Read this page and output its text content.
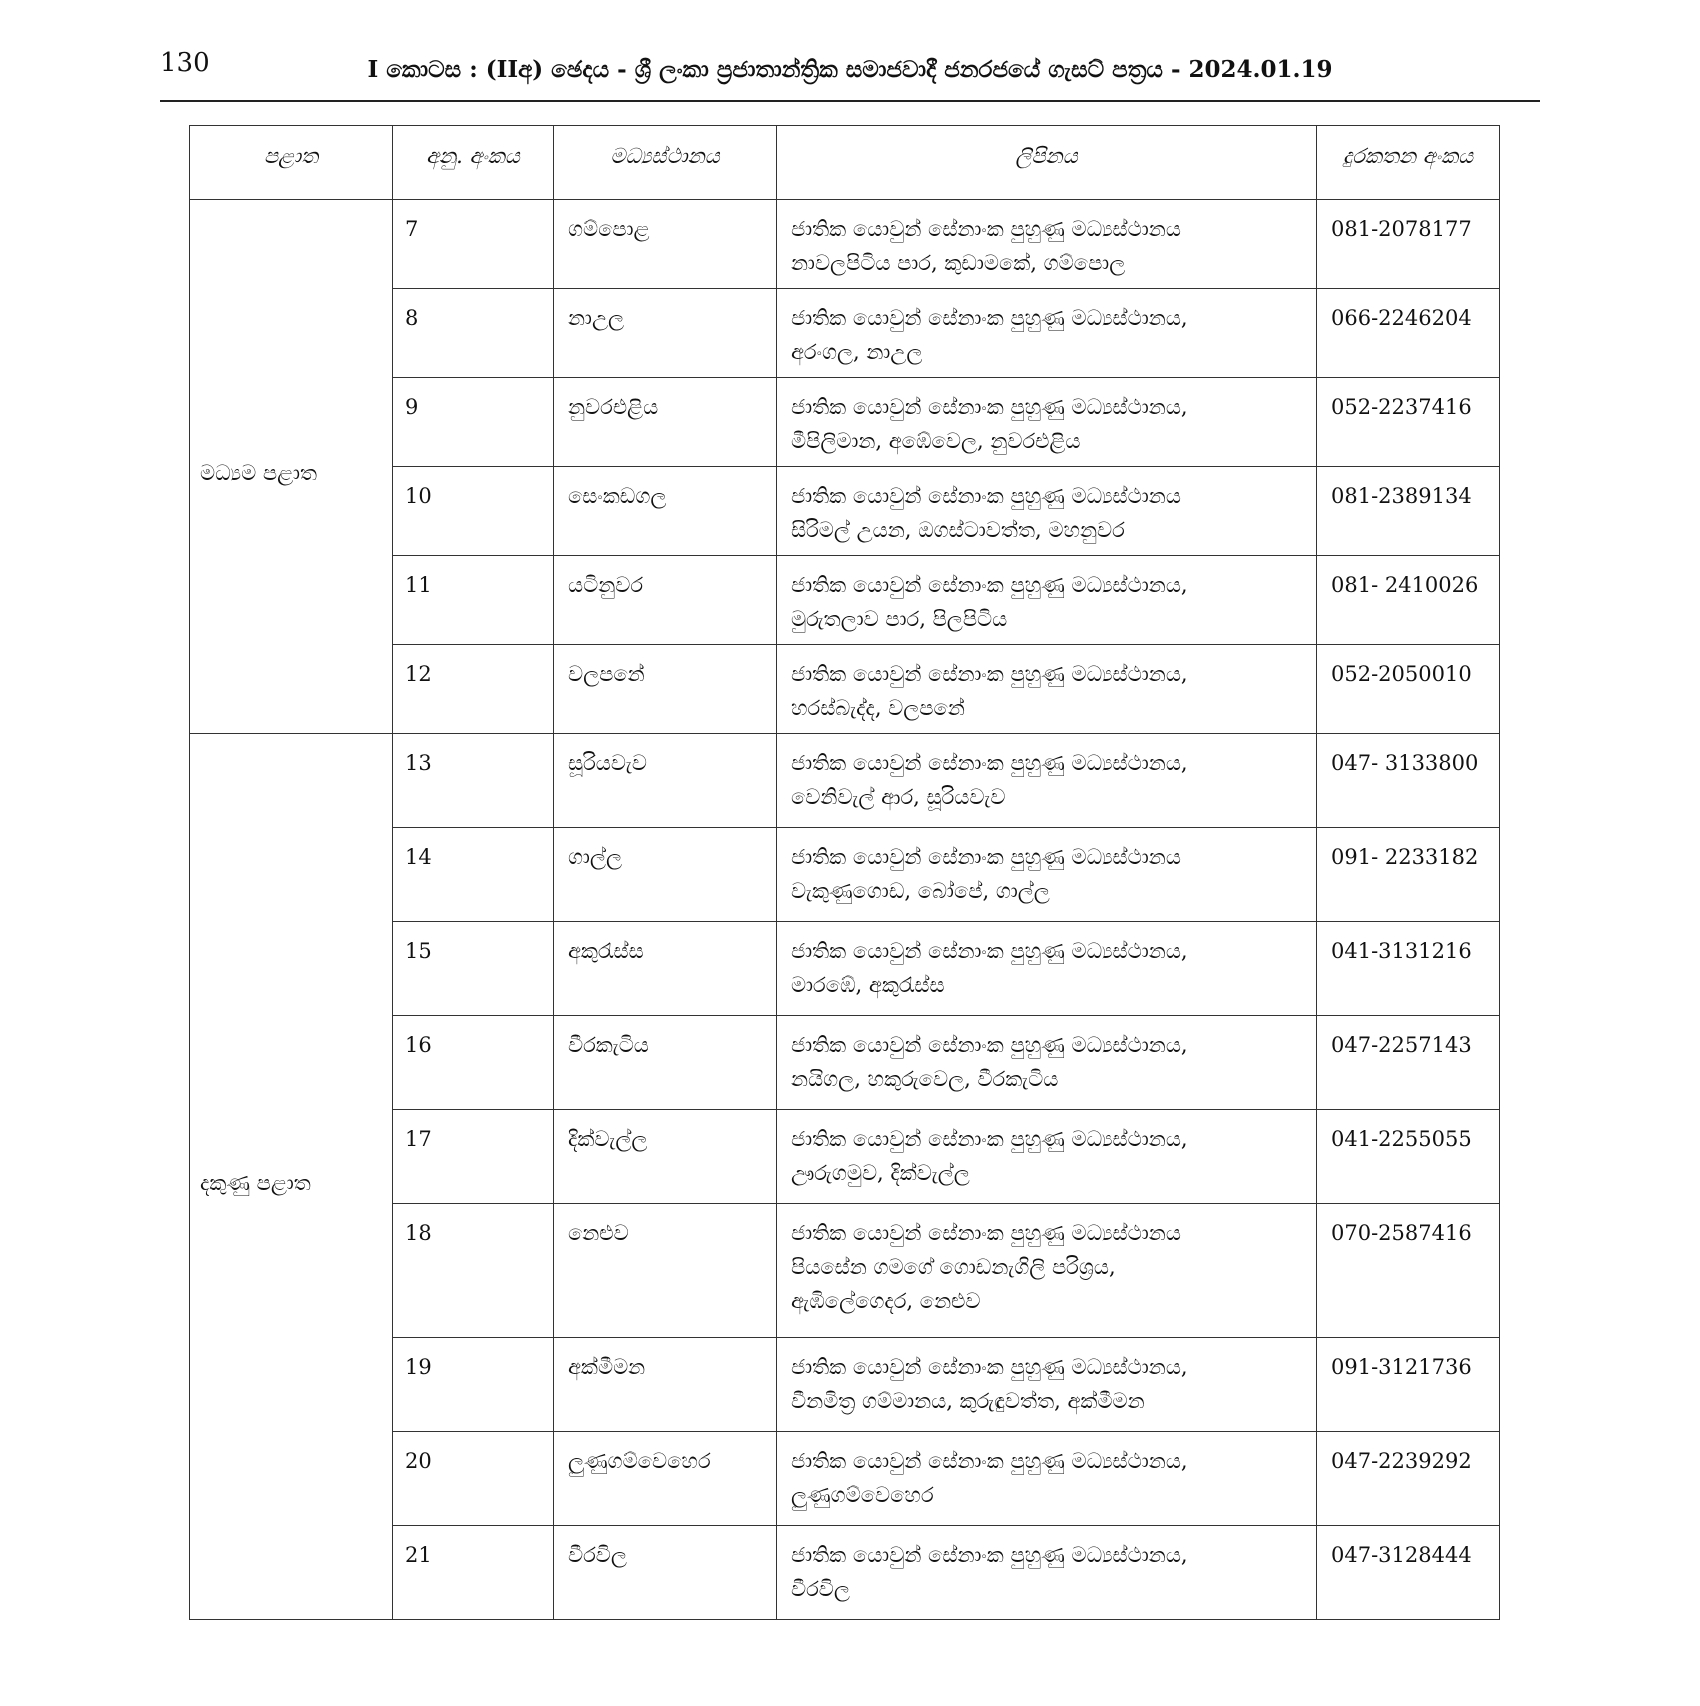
130	I කොටස : (IIඅ) ඡෙදය - ශ්‍රී ලංකා ප්‍රජාතාන්ත්‍රික සමාජවාදී ජනරජයේ ගැසට් පත්‍රය - 2024.01.19
පළාත	අනු. අංකය	මධ්‍යස්ථානය	ලිපිනය	දුරකතන අංකය
මධ්‍යම පළාත	7	ගම්පොළ	ජාතික යොවුන් සේනාංක පුහුණු මධ්‍යස්ථානය
නාවලපිටිය පාර, කුඩාමකේ, ගම්පොල	081-2078177
	8	නාඋල	ජාතික යොවුන් සේනාංක පුහුණු මධ්‍යස්ථානය,
අරංගල, නාඋල	066-2246204
	9	නුවරඑළිය	ජාතික යොවුන් සේනාංක පුහුණු මධ්‍යස්ථානය,
මීපිලිමාන, අඹේවෙල, නුවරඑළිය	052-2237416
	10	සෙංකඩගල	ජාතික යොවුන් සේනාංක පුහුණු මධ්‍යස්ථානය
සිරිමල් උයන, ඔගස්ටාවත්ත, මහනුවර	081-2389134
	11	යටිනුවර	ජාතික යොවුන් සේනාංක පුහුණු මධ්‍යස්ථානය,
මුරුතලාව පාර, පිලපිටිය	081- 2410026
	12	වලපනේ	ජාතික යොවුන් සේනාංක පුහුණු මධ්‍යස්ථානය,
හරස්බැද්ද, වලපනේ	052-2050010
දකුණු පළාත	13	සූරියවැව	ජාතික යොවුන් සේනාංක පුහුණු මධ්‍යස්ථානය,
වෙනිවැල් ආර, සූරියවැව	047- 3133800
	14	ගාල්ල	ජාතික යොවුන් සේනාංක පුහුණු මධ්‍යස්ථානය
වැකුණුගොඩ, බෝපේ, ගාල්ල	091- 2233182
	15	අකුරැස්ස	ජාතික යොවුන් සේනාංක පුහුණු මධ්‍යස්ථානය,
මාරඹේ, අකුරැස්ස	041-3131216
	16	වීරකැටිය	ජාතික යොවුන් සේනාංක පුහුණු මධ්‍යස්ථානය,
නයිගල, හකුරුවෙල, වීරකැටිය	047-2257143
	17	දික්වැල්ල	ජාතික යොවුන් සේනාංක පුහුණු මධ්‍යස්ථානය,
ඌරුගමුව, දික්වැල්ල	041-2255055
	18	නෙළුව	ජාතික යොවුන් සේනාංක පුහුණු මධ්‍යස්ථානය
පියසේන ගමගේ ගොඩනැගිලි පරිශ්‍රය,
ඇඹිලේගෙදර, නෙළුව	070-2587416
	19	අක්මීමන	ජාතික යොවුන් සේනාංක පුහුණු මධ්‍යස්ථානය,
වීනමිත්‍ර ගම්මානය, කුරුඳුවත්ත, අක්මීමන	091-3121736
	20	ලුණුගම්වෙහෙර	ජාතික යොවුන් සේනාංක පුහුණු මධ්‍යස්ථානය,
ලුණුගම්වෙහෙර	047-2239292
	21	වීරවිල	ජාතික යොවුන් සේනාංක පුහුණු මධ්‍යස්ථානය,
වීරවිල	047-3128444
